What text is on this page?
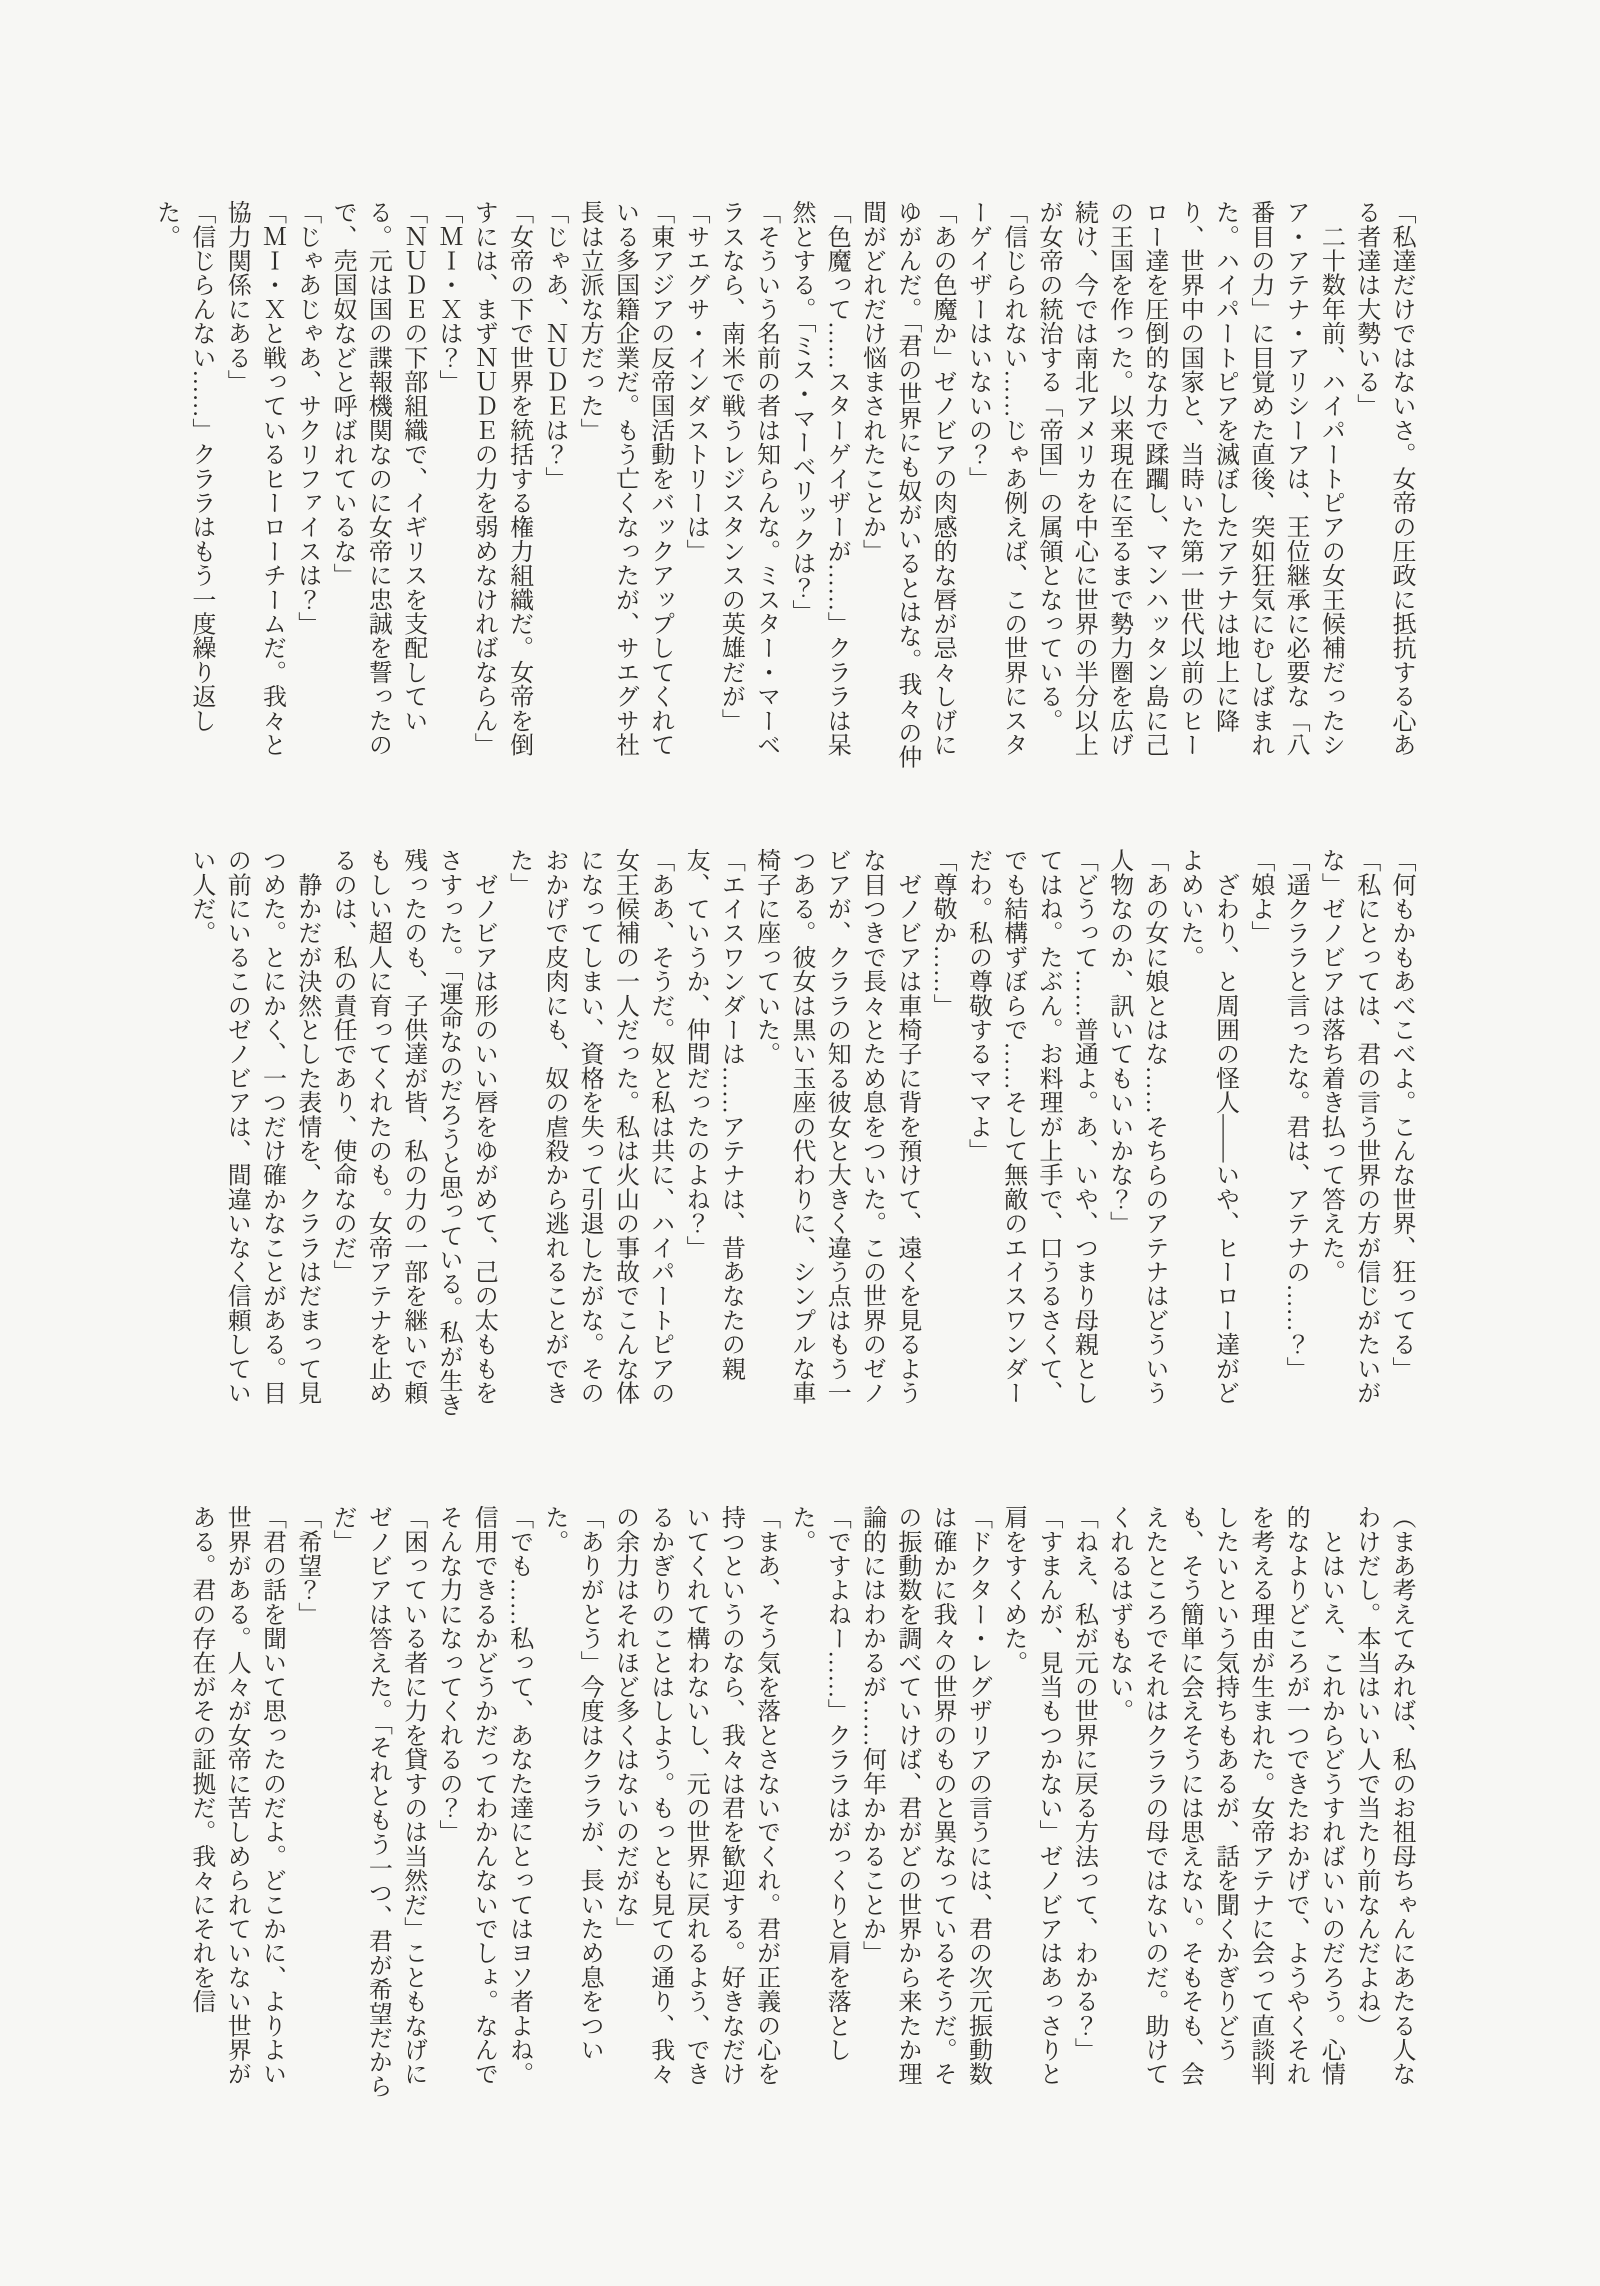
「私達だけではないさ。女帝の圧政に抵抗する心ある者達は大勢いる」

　二十数年前、ハイパートピアの女王候補だったシア・アテナ・アリシーアは、王位継承に必要な「八番目の力」に目覚めた直後、突如狂気にむしばまれた。ハイパートピアを滅ぼしたアテナは地上に降り、世界中の国家と、当時いた第一世代以前のヒーロー達を圧倒的な力で蹂躙し、マンハッタン島に己の王国を作った。以来現在に至るまで勢力圏を広げ続け、今では南北アメリカを中心に世界の半分以上が女帝の統治する「帝国」の属領となっている。

「信じられない……じゃあ例えば、この世界にスターゲイザーはいないの？」

「あの色魔か」ゼノビアの肉感的な唇が忌々しげにゆがんだ。「君の世界にも奴がいるとはな。我々の仲間がどれだけ悩まされたことか」

「色魔って……スターゲイザーが……」クララは呆然とする。「ミス・マーベリックは？」

「そういう名前の者は知らんな。ミスター・マーベラスなら、南米で戦うレジスタンスの英雄だが」

「サエグサ・インダストリーは」

「東アジアの反帝国活動をバックアップしてくれている多国籍企業だ。もう亡くなったが、サエグサ社長は立派な方だった」

「じゃあ、ＮＵＤＥは？」

「女帝の下で世界を統括する権力組織だ。女帝を倒すには、まずＮＵＤＥの力を弱めなければならん」

「ＭＩ・Ｘは？」

「ＮＵＤＥの下部組織で、イギリスを支配している。元は国の諜報機関なのに女帝に忠誠を誓ったので、売国奴などと呼ばれているな」

「じゃあじゃあ、サクリファイスは？」

「ＭＩ・Ｘと戦っているヒーローチームだ。我々と協力関係にある」

「信じらんない……」クララはもう一度繰り返した。

「何もかもあべこべよ。こんな世界、狂ってる」

「私にとっては、君の言う世界の方が信じがたいがな」ゼノビアは落ち着き払って答えた。

「遥クララと言ったな。君は、アテナの……？」

「娘よ」

　ざわり、と周囲の怪人――いや、ヒーロー達がどよめいた。

「あの女に娘とはな……そちらのアテナはどういう人物なのか、訊いてもいいかな？」

「どうって……普通よ。あ、いや、つまり母親としてはね。たぶん。お料理が上手で、口うるさくて、でも結構ずぼらで……そして無敵のエイスワンダーだわ。私の尊敬するママよ」

「尊敬か……」

　ゼノビアは車椅子に背を預けて、遠くを見るような目つきで長々とため息をついた。この世界のゼノビアが、クララの知る彼女と大きく違う点はもう一つある。彼女は黒い玉座の代わりに、シンプルな車椅子に座っていた。

「エイスワンダーは……アテナは、昔あなたの親友、ていうか、仲間だったのよね？」

「ああ、そうだ。奴と私は共に、ハイパートピアの女王候補の一人だった。私は火山の事故でこんな体になってしまい、資格を失って引退したがな。そのおかげで皮肉にも、奴の虐殺から逃れることができた」

　ゼノビアは形のいい唇をゆがめて、己の太ももをさすった。「運命なのだろうと思っている。私が生き残ったのも、子供達が皆、私の力の一部を継いで頼もしい超人に育ってくれたのも。女帝アテナを止めるのは、私の責任であり、使命なのだ」

　静かだが決然とした表情を、クララはだまって見つめた。とにかく、一つだけ確かなことがある。目の前にいるこのゼノビアは、間違いなく信頼していい人だ。

（まあ考えてみれば、私のお祖母ちゃんにあたる人なわけだし。本当はいい人で当たり前なんだよね）

　とはいえ、これからどうすればいいのだろう。心情的なよりどころが一つできたおかげで、ようやくそれを考える理由が生まれた。女帝アテナに会って直談判したいという気持ちもあるが、話を聞くかぎりどうも、そう簡単に会えそうには思えない。そもそも、会えたところでそれはクララの母ではないのだ。助けてくれるはずもない。

「ねえ、私が元の世界に戻る方法って、わかる？」

「すまんが、見当もつかない」ゼノビアはあっさりと肩をすくめた。

「ドクター・レグザリアの言うには、君の次元振動数は確かに我々の世界のものと異なっているそうだ。その振動数を調べていけば、君がどの世界から来たか理論的にはわかるが……何年かかることか」

「ですよねー……」クララはがっくりと肩を落とした。

「まあ、そう気を落とさないでくれ。君が正義の心を持つというのなら、我々は君を歓迎する。好きなだけいてくれて構わないし、元の世界に戻れるよう、できるかぎりのことはしよう。もっとも見ての通り、我々の余力はそれほど多くはないのだがな」

「ありがとう」今度はクララが、長いため息をついた。

「でも……私って、あなた達にとってはヨソ者よね。信用できるかどうかだってわかんないでしょ。なんでそんな力になってくれるの？」

「困っている者に力を貸すのは当然だ」こともなげにゼノビアは答えた。「それともう一つ、君が希望だからだ」

「希望？」

「君の話を聞いて思ったのだよ。どこかに、よりよい世界がある。人々が女帝に苦しめられていない世界がある。君の存在がその証拠だ。我々にそれを信
